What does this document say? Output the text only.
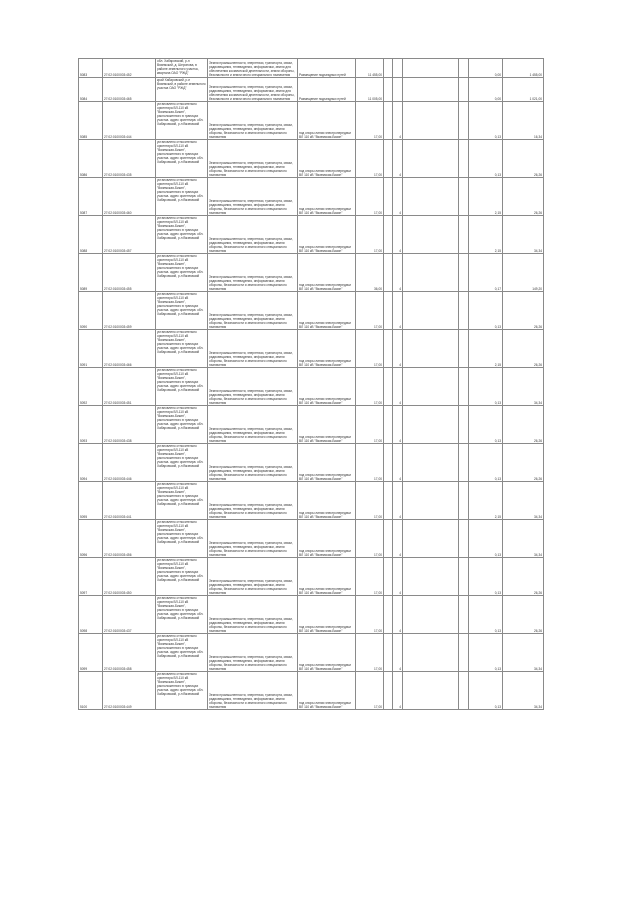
5083	27:02:0100003:452	обл. Хабаровский, р-н Вяземский, д. Шеронова, в районе земельного участка, квартала ОАО "РЖД"	Земли промышленности, энергетики, транспорта, связи, радиовещания, телевидения, информатики, земли для обеспечения космической деятельности, земли обороны, безопасности и земли иного специального назначения	Размещение подъездных путей	11 455,00					0,00	1 455,00
5084	27:02:0100003:465	край Хабаровский, р-н Вяземский, в районе земельного участка ОАО "РЖД"	Земли промышленности, энергетики, транспорта, связи, радиовещания, телевидения, информатики, земли для обеспечения космической деятельности, земли обороны, безопасности и земли иного специального назначения	Размещение подъездных путей	11 005,00					0,00	1 021,00
5085	27:02:0100003:444	установлено относительно ориентира ВЛ-110 кВ "Вяземская-Бикин", расположенного в границах участка. адрес ориентира: обл. Хабаровский, р-н Вяземский	Земли промышленности, энергетики, транспорта, связи, радиовещания, телевидения, информатики, земли обороны, безопасности и земли иного специального назначения	под опоры линии электропередачи ВЛ 110 кВ "Вяземская-Бикин"	17,00		4			0,13	16,34
5086	27:02:0100003:435	установлено относительно ориентира ВЛ-110 кВ "Вяземская-Бикин", расположенного в границах участка. адрес ориентира: обл. Хабаровский, р-н Вяземский	Земли промышленности, энергетики, транспорта, связи, радиовещания, телевидения, информатики, земли обороны, безопасности и земли иного специального назначения	под опоры линии электропередачи ВЛ 110 кВ "Вяземская-Бикин"	17,00		4			0,13	26,26
5087	27:02:0100003:460	установлено относительно ориентира ВЛ-110 кВ "Вяземская-Бикин", расположенного в границах участка. адрес ориентира: обл. Хабаровский, р-н Вяземский	Земли промышленности, энергетики, транспорта, связи, радиовещания, телевидения, информатики, земли обороны, безопасности и земли иного специального назначения	под опоры линии электропередачи ВЛ 110 кВ "Вяземская-Бикин"	17,00		4			2,15	26,26
5088	27:02:0100003:457	установлено относительно ориентира ВЛ-110 кВ "Вяземская-Бикин", расположенного в границах участка. адрес ориентира: обл. Хабаровский, р-н Вяземский	Земли промышленности, энергетики, транспорта, связи, радиовещания, телевидения, информатики, земли обороны, безопасности и земли иного специального назначения	под опоры линии электропередачи ВЛ 110 кВ "Вяземская-Бикин"	17,00		4			2,15	34,34
5089	27:02:0100003:455	установлено относительно ориентира ВЛ-110 кВ "Вяземская-Бикин", расположенного в границах участка. адрес ориентира: обл. Хабаровский, р-н Вяземский	Земли промышленности, энергетики, транспорта, связи, радиовещания, телевидения, информатики, земли обороны, безопасности и земли иного специального назначения	под опоры линии электропередачи ВЛ 110 кВ "Вяземская-Бикин"	36,00		4			0,17	149,20
5090	27:02:0100003:459	установлено относительно ориентира ВЛ-110 кВ "Вяземская-Бикин", расположенного в границах участка. адрес ориентира: обл. Хабаровский, р-н Вяземский	Земли промышленности, энергетики, транспорта, связи, радиовещания, телевидения, информатики, земли обороны, безопасности и земли иного специального назначения	под опоры линии электропередачи ВЛ 110 кВ "Вяземская-Бикин"	17,00		4			0,13	26,26
5091	27:02:0100003:466	установлено относительно ориентира ВЛ-110 кВ "Вяземская-Бикин", расположенного в границах участка. адрес ориентира: обл. Хабаровский, р-н Вяземский	Земли промышленности, энергетики, транспорта, связи, радиовещания, телевидения, информатики, земли обороны, безопасности и земли иного специального назначения	под опоры линии электропередачи ВЛ 110 кВ "Вяземская-Бикин"	17,00		4			2,15	26,26
5092	27:02:0100003:451	установлено относительно ориентира ВЛ-110 кВ "Вяземская-Бикин", расположенного в границах участка. адрес ориентира: обл. Хабаровский, р-н Вяземский	Земли промышленности, энергетики, транспорта, связи, радиовещания, телевидения, информатики, земли обороны, безопасности и земли иного специального назначения	под опоры линии электропередачи ВЛ 110 кВ "Вяземская-Бикин"	17,00		4			0,13	34,34
5093	27:02:0100003:438	установлено относительно ориентира ВЛ-110 кВ "Вяземская-Бикин", расположенного в границах участка. адрес ориентира: обл. Хабаровский, р-н Вяземский	Земли промышленности, энергетики, транспорта, связи, радиовещания, телевидения, информатики, земли обороны, безопасности и земли иного специального назначения	под опоры линии электропередачи ВЛ 110 кВ "Вяземская-Бикин"	17,00		4			0,13	26,26
5094	27:02:0100003:446	установлено относительно ориентира ВЛ-110 кВ "Вяземская-Бикин", расположенного в границах участка. адрес ориентира: обл. Хабаровский, р-н Вяземский	Земли промышленности, энергетики, транспорта, связи, радиовещания, телевидения, информатики, земли обороны, безопасности и земли иного специального назначения	под опоры линии электропередачи ВЛ 110 кВ "Вяземская-Бикин"	17,00		4			0,13	26,26
5095	27:02:0100003:441	установлено относительно ориентира ВЛ-110 кВ "Вяземская-Бикин", расположенного в границах участка. адрес ориентира: обл. Хабаровский, р-н Вяземский	Земли промышленности, энергетики, транспорта, связи, радиовещания, телевидения, информатики, земли обороны, безопасности и земли иного специального назначения	под опоры линии электропередачи ВЛ 110 кВ "Вяземская-Бикин"	17,00		4			2,15	34,34
5096	27:02:0100003:456	установлено относительно ориентира ВЛ-110 кВ "Вяземская-Бикин", расположенного в границах участка. адрес ориентира: обл. Хабаровский, р-н Вяземский	Земли промышленности, энергетики, транспорта, связи, радиовещания, телевидения, информатики, земли обороны, безопасности и земли иного специального назначения	под опоры линии электропередачи ВЛ 110 кВ "Вяземская-Бикин"	17,00		4			0,13	34,34
5097	27:02:0100003:450	установлено относительно ориентира ВЛ-110 кВ "Вяземская-Бикин", расположенного в границах участка. адрес ориентира: обл. Хабаровский, р-н Вяземский	Земли промышленности, энергетики, транспорта, связи, радиовещания, телевидения, информатики, земли обороны, безопасности и земли иного специального назначения	под опоры линии электропередачи ВЛ 110 кВ "Вяземская-Бикин"	17,00		4			0,13	26,26
5098	27:02:0100003:437	установлено относительно ориентира ВЛ-110 кВ "Вяземская-Бикин", расположенного в границах участка. адрес ориентира: обл. Хабаровский, р-н Вяземский	Земли промышленности, энергетики, транспорта, связи, радиовещания, телевидения, информатики, земли обороны, безопасности и земли иного специального назначения	под опоры линии электропередачи ВЛ 110 кВ "Вяземская-Бикин"	17,00		4			0,13	26,26
5099	27:02:0100003:458	установлено относительно ориентира ВЛ-110 кВ "Вяземская-Бикин", расположенного в границах участка. адрес ориентира: обл. Хабаровский, р-н Вяземский	Земли промышленности, энергетики, транспорта, связи, радиовещания, телевидения, информатики, земли обороны, безопасности и земли иного специального назначения	под опоры линии электропередачи ВЛ 110 кВ "Вяземская-Бикин"	17,00		4			0,13	34,34
5100	27:02:0100003:449	установлено относительно ориентира ВЛ-110 кВ "Вяземская-Бикин", расположенного в границах участка. адрес ориентира: обл. Хабаровский, р-н Вяземский	Земли промышленности, энергетики, транспорта, связи, радиовещания, телевидения, информатики, земли обороны, безопасности и земли иного специального назначения	под опоры линии электропередачи ВЛ 110 кВ "Вяземская-Бикин"	17,00		4			0,13	34,34
